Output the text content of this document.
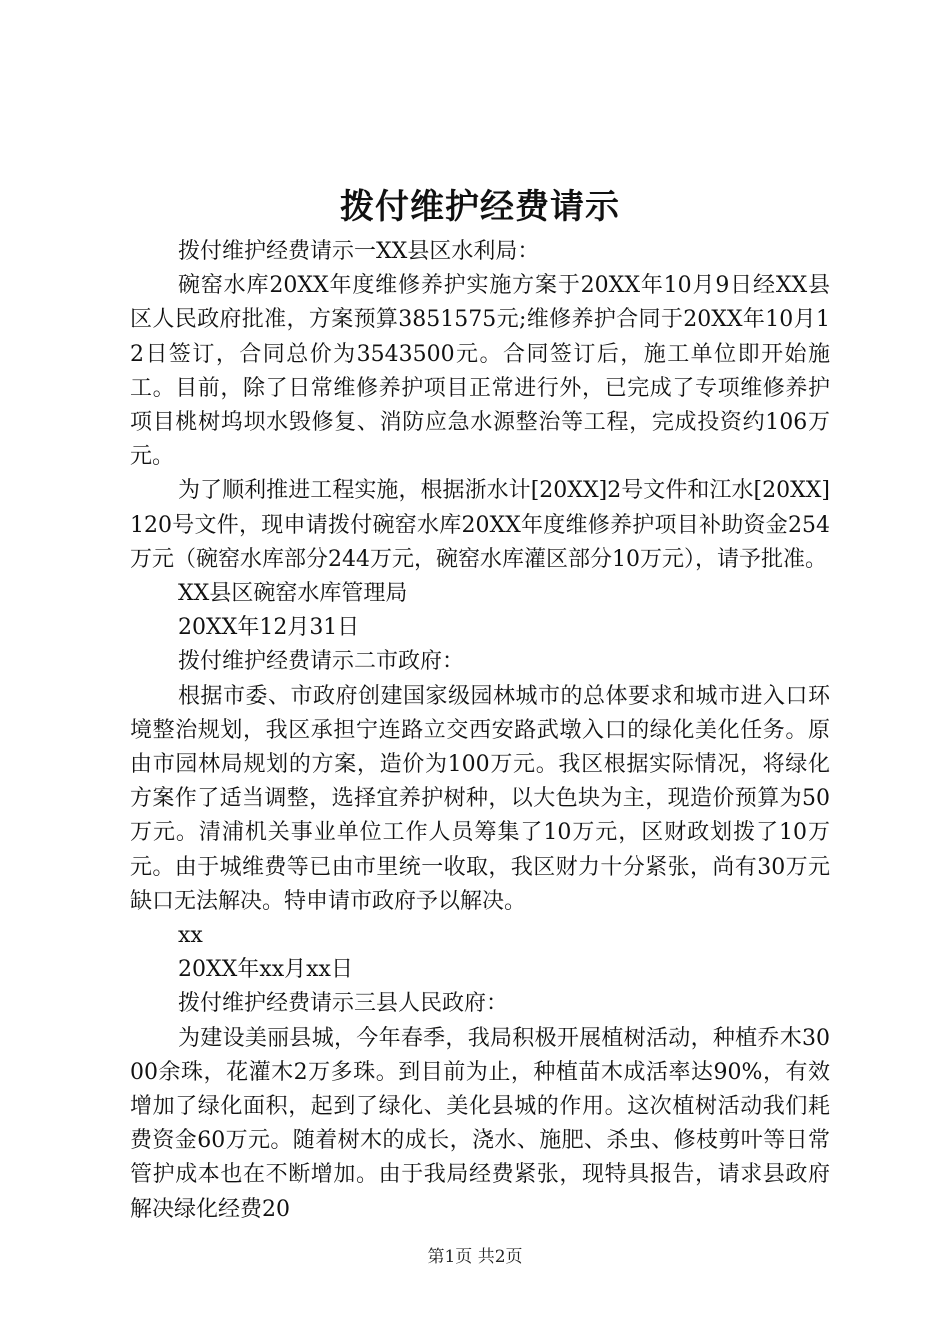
拨付维护经费请示

拨付维护经费请示一XX县区水利局：

碗窑水库20XX年度维修养护实施方案于20XX年10月9日经XX县区人民政府批准，方案预算3851575元;维修养护合同于20XX年10月12日签订，合同总价为3543500元。合同签订后，施工单位即开始施工。目前，除了日常维修养护项目正常进行外，已完成了专项维修养护项目桃树坞坝水毁修复、消防应急水源整治等工程，完成投资约106万元。

为了顺利推进工程实施，根据浙水计[20XX]2号文件和江水[20XX]120号文件，现申请拨付碗窑水库20XX年度维修养护项目补助资金254万元（碗窑水库部分244万元，碗窑水库灌区部分10万元），请予批准。

XX县区碗窑水库管理局

20XX年12月31日

拨付维护经费请示二市政府：

根据市委、市政府创建国家级园林城市的总体要求和城市进入口环境整治规划，我区承担宁连路立交西安路武墩入口的绿化美化任务。原由市园林局规划的方案，造价为100万元。我区根据实际情况，将绿化方案作了适当调整，选择宜养护树种，以大色块为主，现造价预算为50万元。清浦机关事业单位工作人员筹集了10万元，区财政划拨了10万元。由于城维费等已由市里统一收取，我区财力十分紧张，尚有30万元缺口无法解决。特申请市政府予以解决。

xx

20XX年xx月xx日

拨付维护经费请示三县人民政府：

为建设美丽县城，今年春季，我局积极开展植树活动，种植乔木3000余珠，花灌木2万多珠。到目前为止，种植苗木成活率达90%，有效增加了绿化面积，起到了绿化、美化县城的作用。这次植树活动我们耗费资金60万元。随着树木的成长，浇水、施肥、杀虫、修枝剪叶等日常管护成本也在不断增加。由于我局经费紧张，现特具报告，请求县政府解决绿化经费20

第1页 共2页
